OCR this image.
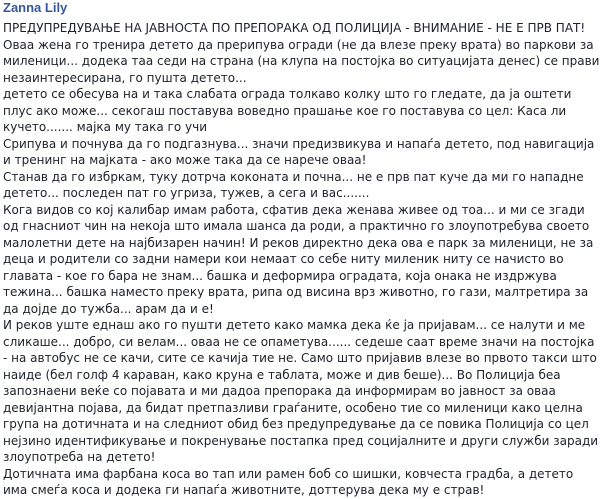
Zanna Lily

ПРЕДУПРЕДУВАЊЕ НА ЈАВНОСТА ПО ПРЕПОРАКА ОД ПОЛИЦИЈА - ВНИМАНИЕ - НЕ Е ПРВ ПАТ!

Оваа жена го тренира детето да прерипува огради (не да влезе преку врата) во паркови за миленици... додека таа седи на страна (на клупа на постојка во ситуацијата денес) се прави незаинтересирана, го пушта детето...

детето се обесува на и така слабата ограда толкаво колку што го гледате, да ја оштети плус ако може... секогаш поставува воведно прашање кое го поставува со цел: Каса ли кучето....... мајка му така го учи

Срипува и почнува да го подгазнува... значи предизвикува и напаѓа детето, под навигација и тренинг на мајката - ако може така да се нарече оваа!

Станав да го избркам, туку дотрча коконата и почна... не е прв пат куче да ми го нападне детето... последен пат го угриза, тужев, а сега и вас.......

Кога видов со кој калибар имам работа, сфатив дека женава живее од тоа... и ми се згади од гнасниот чин на некоја што имала шанса да роди, а практично го злоупотребува своето малолетни дете на најбизарен начин! И реков директно дека ова е парк за миленици, не за деца и родители со задни намери кои немаат со себе ниту миленик ниту се начисто во главата - кое го бара не знам... башка и деформира оградата, која онака не издржува тежина... башка наместо преку врата, рипа од висина врз животно, го гази, малтретира за да дојде до тужба... арам да и е!

И реков уште еднаш ако го пушти детето како мамка дека ќе ја пријавам... се налути и ме сликаше... добро, си велам... оваа не се опаметува...... седеше саат време значи на постојка - на автобус не се качи, сите се качија тие не. Само што пријавив влезе во првото такси што наиде (бел голф 4 караван, како круна е таблата, може и див беше)... Во Полиција беа запознаени веќе со појавата и ми дадоа препорака да информирам во јавност за оваа девијантна појава, да бидат претпазливи граѓаните, особено тие со миленици како целна група на дотичната и на следниот обид без предупредување да се повика Полиција со цел нејзино идентификување и покренување постапка пред социјалните и други служби заради злоупотреба на детето!

Дотичната има фарбана коса во тап или рамен боб со шишки, ковчеста градба, а детето има смеѓа коса и додека ги напаѓа животните, доттерува дека му е страв!
